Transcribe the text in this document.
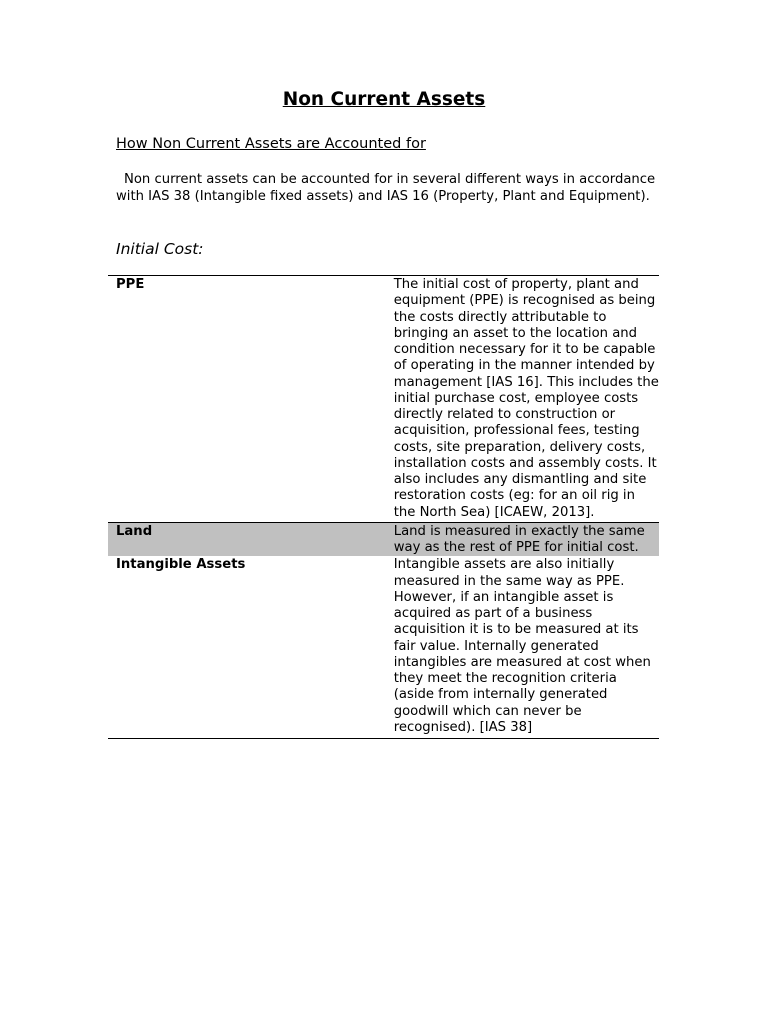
Non Current Assets
How Non Current Assets are Accounted for

Non current assets can be accounted for in several different ways in accordance with IAS 38 (Intangible fixed assets) and IAS 16 (Property, Plant and Equipment).

Initial Cost:
PPE	The initial cost of property, plant and equipment (PPE) is recognised as being the costs directly attributable to bringing an asset to the location and condition necessary for it to be capable of operating in the manner intended by management [IAS 16]. This includes the initial purchase cost, employee costs directly related to construction or acquisition, professional fees, testing costs, site preparation, delivery costs, installation costs and assembly costs. It also includes any dismantling and site restoration costs (eg: for an oil rig in the North Sea) [ICAEW, 2013].
Land	Land is measured in exactly the same way as the rest of PPE for initial cost.
Intangible Assets	Intangible assets are also initially measured in the same way as PPE. However, if an intangible asset is acquired as part of a business acquisition it is to be measured at its fair value. Internally generated intangibles are measured at cost when they meet the recognition criteria (aside from internally generated goodwill which can never be recognised). [IAS 38]
